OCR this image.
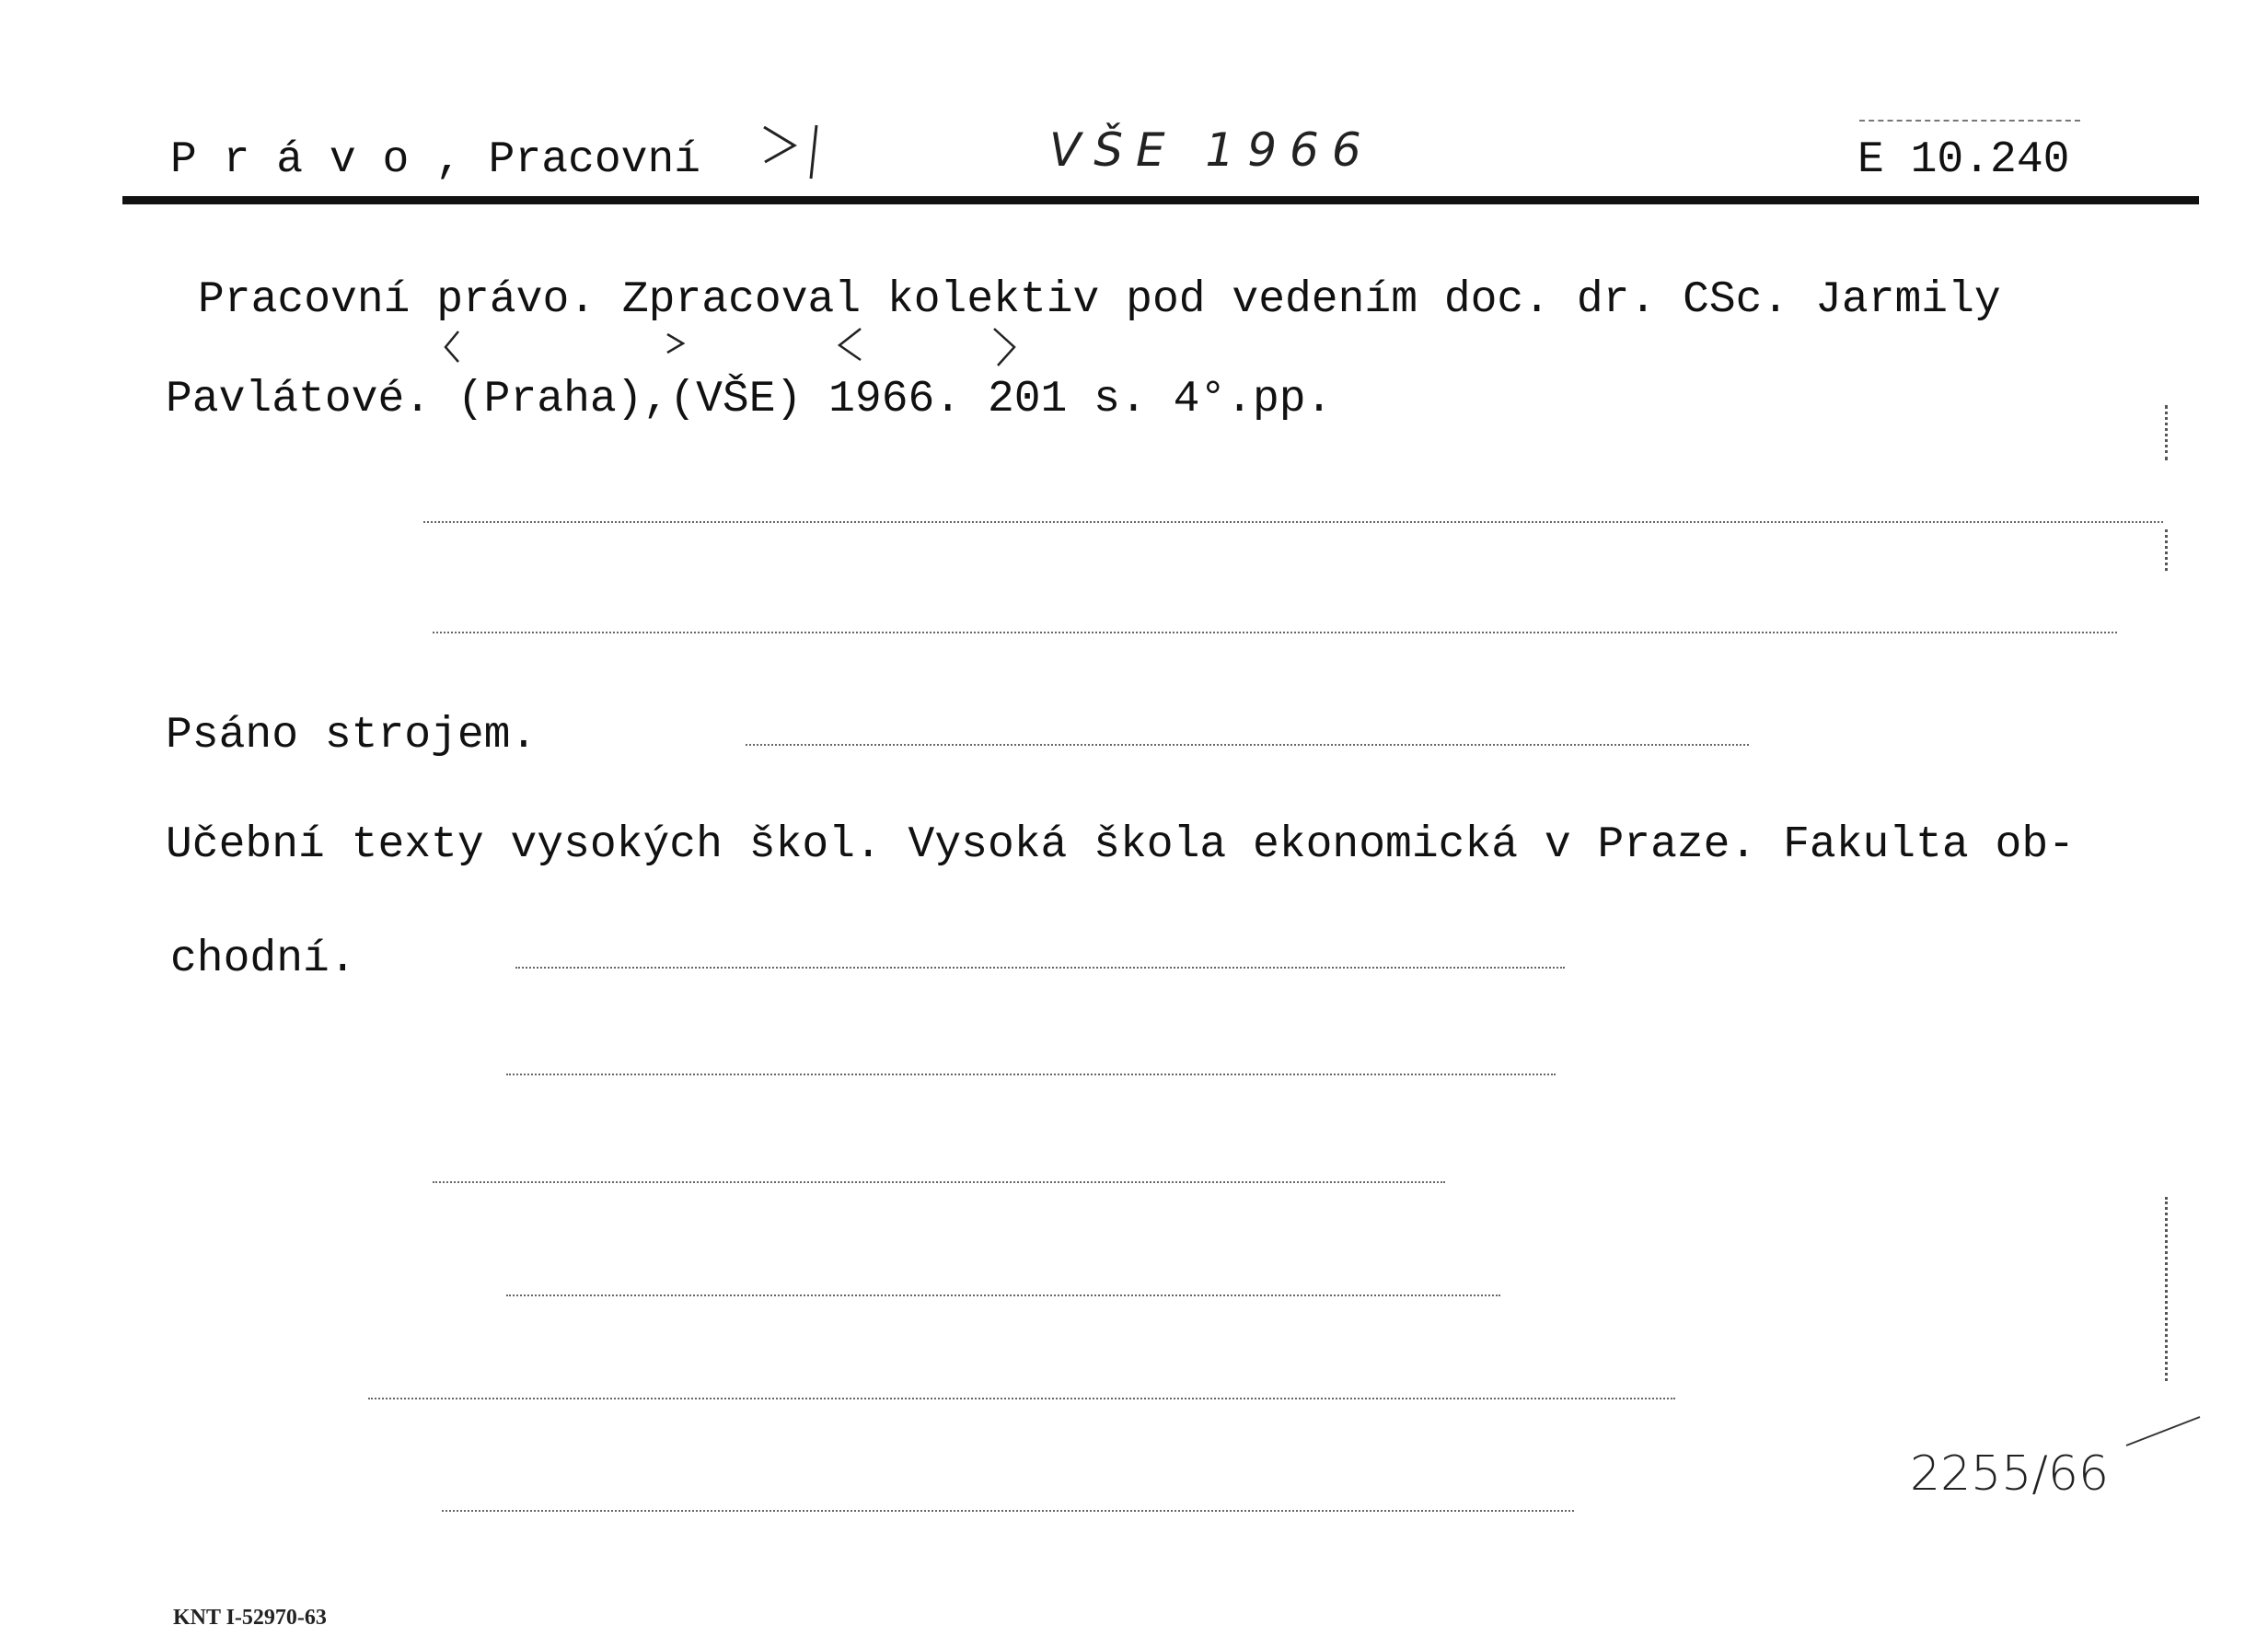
P r á v o , Pracovní	VŠE 1966	E 10.240
Pracovní právo. Zpracoval kolektiv pod vedením doc. dr. CSc. Jarmily
Pavlátové. (Praha),(VŠE) 1966. 201 s. 4°.pp.
Psáno strojem.
Učební texty vysokých škol. Vysoká škola ekonomická v Praze. Fakulta ob-
chodní.
2255/66
KNT I-52970-63
